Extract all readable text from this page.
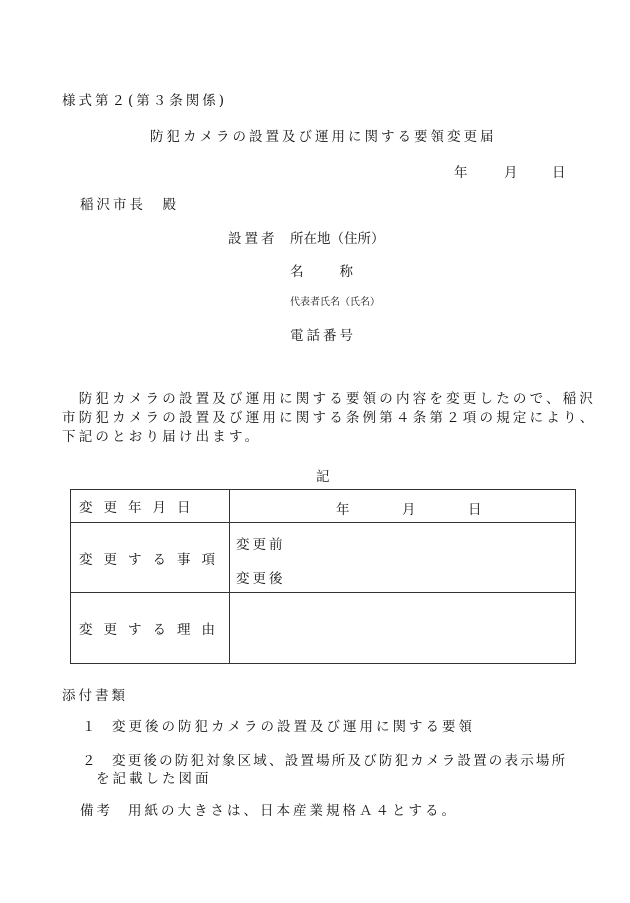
様式第２(第３条関係)
防犯カメラの設置及び運用に関する要領変更届
年	月	日
稲沢市長　殿
設置者 所在地（住所）
名　　称
代表者氏名（氏名）
電話番号
　防犯カメラの設置及び運用に関する要領の内容を変更したので、稲沢
市防犯カメラの設置及び運用に関する条例第４条第２項の規定により、
下記のとおり届け出ます。
記
変更年月日	年 月 日

変更する事項	変更前
変更後

変更する理由	
添付書類
１ 変更後の防犯カメラの設置及び運用に関する要領
２ 変更後の防犯対象区域、設置場所及び防犯カメラ設置の表示場所
を記載した図面
備考 用紙の大きさは、日本産業規格Ａ４とする。
